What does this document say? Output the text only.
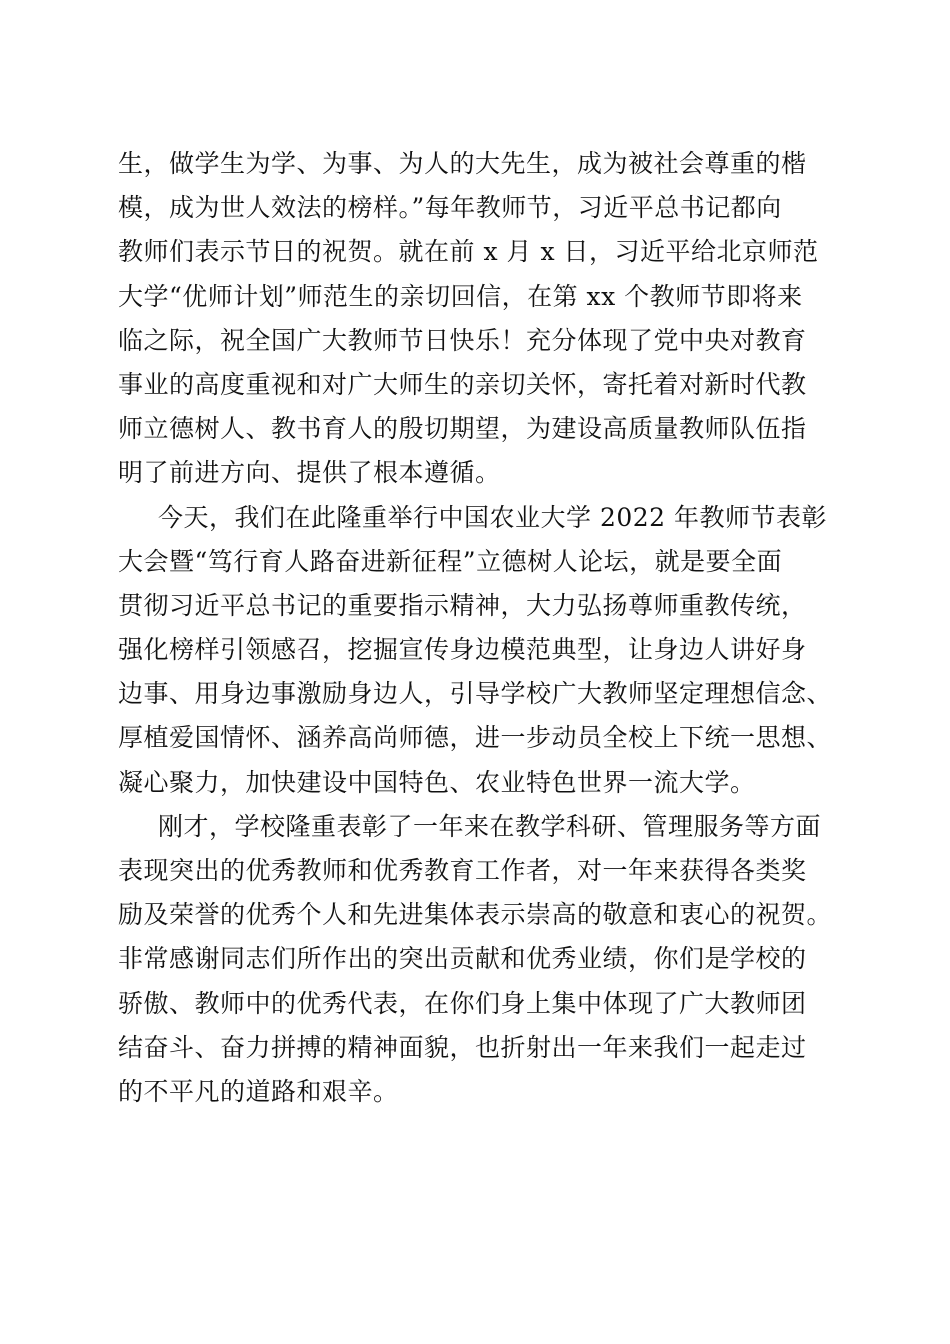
生，做学生为学、为事、为人的大先生，成为被社会尊重的楷
模，成为世人效法的榜样。”每年教师节，习近平总书记都向
教师们表示节日的祝贺。就在前 x 月 x 日，习近平给北京师范
大学“优师计划”师范生的亲切回信，在第 xx 个教师节即将来
临之际，祝全国广大教师节日快乐！充分体现了党中央对教育
事业的高度重视和对广大师生的亲切关怀，寄托着对新时代教
师立德树人、教书育人的殷切期望，为建设高质量教师队伍指
明了前进方向、提供了根本遵循。
今天，我们在此隆重举行中国农业大学 2022 年教师节表彰
大会暨“笃行育人路奋进新征程”立德树人论坛，就是要全面
贯彻习近平总书记的重要指示精神，大力弘扬尊师重教传统，
强化榜样引领感召，挖掘宣传身边模范典型，让身边人讲好身
边事、用身边事激励身边人，引导学校广大教师坚定理想信念、
厚植爱国情怀、涵养高尚师德，进一步动员全校上下统一思想、
凝心聚力，加快建设中国特色、农业特色世界一流大学。
刚才，学校隆重表彰了一年来在教学科研、管理服务等方面
表现突出的优秀教师和优秀教育工作者，对一年来获得各类奖
励及荣誉的优秀个人和先进集体表示崇高的敬意和衷心的祝贺。
非常感谢同志们所作出的突出贡献和优秀业绩，你们是学校的
骄傲、教师中的优秀代表，在你们身上集中体现了广大教师团
结奋斗、奋力拼搏的精神面貌，也折射出一年来我们一起走过
的不平凡的道路和艰辛。
